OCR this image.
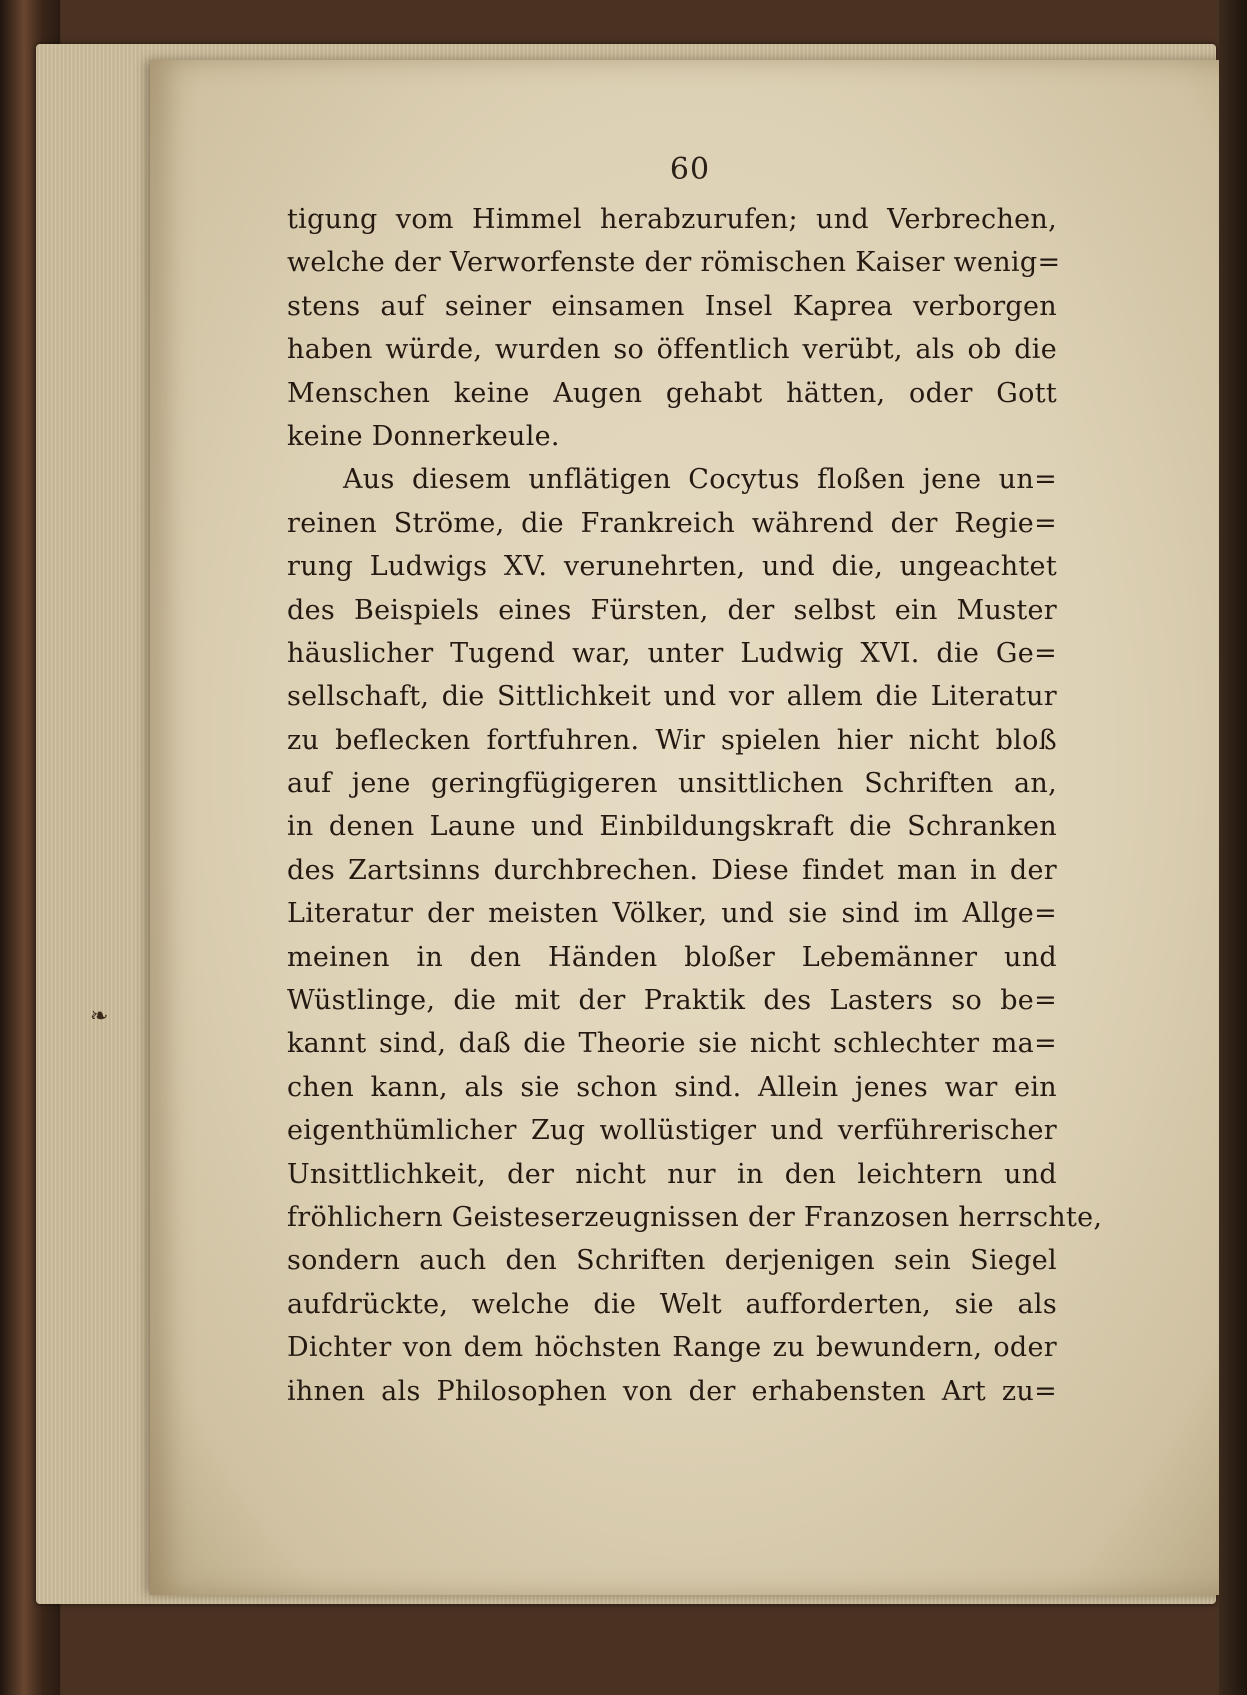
60
tigung vom Himmel herabzurufen; und Verbrechen,
welche der Verworfenste der römischen Kaiser wenig=
stens auf seiner einsamen Insel Kaprea verborgen
haben würde, wurden so öffentlich verübt, als ob die
Menschen keine Augen gehabt hätten, oder Gott
keine Donnerkeule.
Aus diesem unflätigen Cocytus floßen jene un=
reinen Ströme, die Frankreich während der Regie=
rung Ludwigs XV. verunehrten, und die, ungeachtet
des Beispiels eines Fürsten, der selbst ein Muster
häuslicher Tugend war, unter Ludwig XVI. die Ge=
sellschaft, die Sittlichkeit und vor allem die Literatur
zu beflecken fortfuhren. Wir spielen hier nicht bloß
auf jene geringfügigeren unsittlichen Schriften an,
in denen Laune und Einbildungskraft die Schranken
des Zartsinns durchbrechen. Diese findet man in der
Literatur der meisten Völker, und sie sind im Allge=
meinen in den Händen bloßer Lebemänner und
Wüstlinge, die mit der Praktik des Lasters so be=
kannt sind, daß die Theorie sie nicht schlechter ma=
chen kann, als sie schon sind. Allein jenes war ein
eigenthümlicher Zug wollüstiger und verführerischer
Unsittlichkeit, der nicht nur in den leichtern und
fröhlichern Geisteserzeugnissen der Franzosen herrschte,
sondern auch den Schriften derjenigen sein Siegel
aufdrückte, welche die Welt aufforderten, sie als
Dichter von dem höchsten Range zu bewundern, oder
ihnen als Philosophen von der erhabensten Art zu=
❧
